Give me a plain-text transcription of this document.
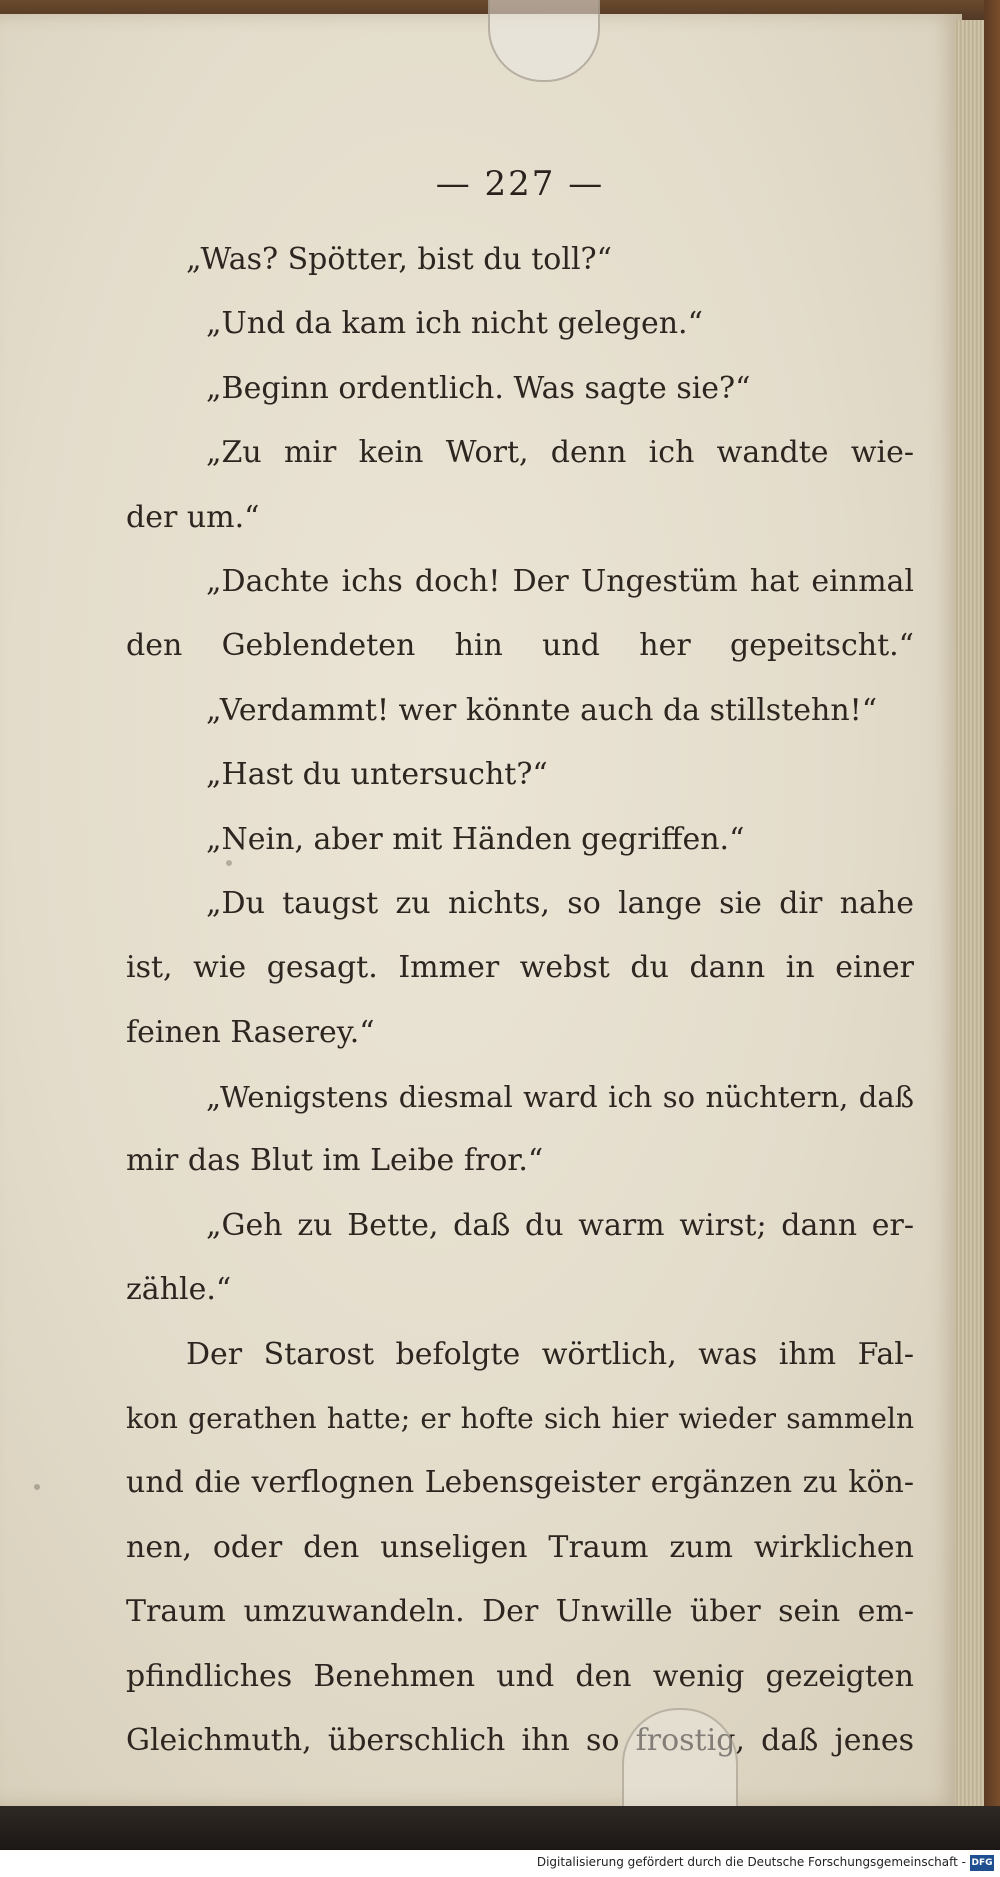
— 227 —
„Was? Spötter, bist du toll?“
„Und da kam ich nicht gelegen.“
„Beginn ordentlich. Was sagte sie?“
„Zu mir kein Wort, denn ich wandte wie-
der um.“
„Dachte ichs doch! Der Ungestüm hat einmal
den Geblendeten hin und her gepeitscht.“
„Verdammt! wer könnte auch da stillstehn!“
„Hast du untersucht?“
„Nein, aber mit Händen gegriffen.“
„Du taugst zu nichts, so lange sie dir nahe
ist, wie gesagt. Immer webst du dann in einer
feinen Raserey.“
„Wenigstens diesmal ward ich so nüchtern, daß
mir das Blut im Leibe fror.“
„Geh zu Bette, daß du warm wirst; dann er-
zähle.“
Der Starost befolgte wörtlich, was ihm Fal-
kon gerathen hatte; er hofte sich hier wieder sammeln
und die verflognen Lebensgeister ergänzen zu kön-
nen, oder den unseligen Traum zum wirklichen
Traum umzuwandeln. Der Unwille über sein em-
pfindliches Benehmen und den wenig gezeigten
Gleichmuth, überschlich ihn so frostig, daß jenes
Digitalisierung gefördert durch die Deutsche Forschungsgemeinschaft - DFG
